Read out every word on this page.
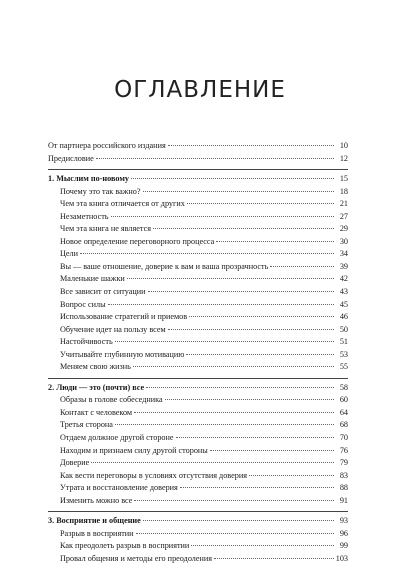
ОГЛАВЛЕНИЕ
От партнера российского издания	10
Предисловие	12
1. Мыслим по-новому	15
Почему это так важно?	18
Чем эта книга отличается от других	21
Незаметность	27
Чем эта книга не является	29
Новое определение переговорного процесса	30
Цели	34
Вы — ваше отношение, доверие к вам и ваша прозрачность	39
Маленькие шажки	42
Все зависит от ситуации	43
Вопрос силы	45
Использование стратегий и приемов	46
Обучение идет на пользу всем	50
Настойчивость	51
Учитывайте глубинную мотивацию	53
Меняем свою жизнь	55
2. Люди — это (почти) все	58
Образы в голове собеседника	60
Контакт с человеком	64
Третья сторона	68
Отдаем должное другой стороне	70
Находим и признаем силу другой стороны	76
Доверие	79
Как вести переговоры в условиях отсутствия доверия	83
Утрата и восстановление доверия	88
Изменить можно все	91
3. Восприятие и общение	93
Разрыв в восприятии	96
Как преодолеть разрыв в восприятии	99
Провал общения и методы его преодоления	103
